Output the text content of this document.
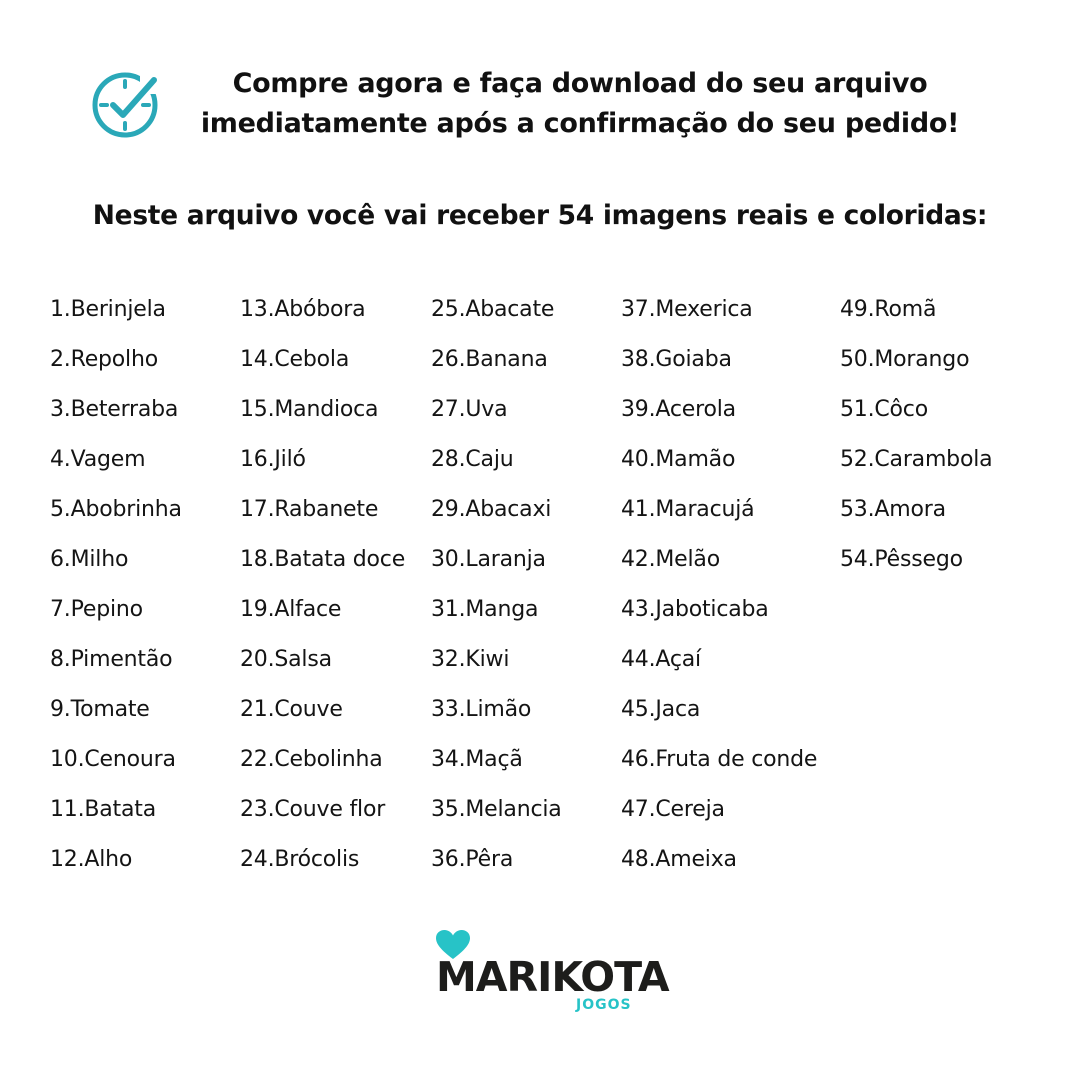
Compre agora e faça download do seu arquivo
imediatamente após a confirmação do seu pedido!
Neste arquivo você vai receber 54 imagens reais e coloridas:
1.Berinjela
2.Repolho
3.Beterraba
4.Vagem
5.Abobrinha
6.Milho
7.Pepino
8.Pimentão
9.Tomate
10.Cenoura
11.Batata
12.Alho
13.Abóbora
14.Cebola
15.Mandioca
16.Jiló
17.Rabanete
18.Batata doce
19.Alface
20.Salsa
21.Couve
22.Cebolinha
23.Couve flor
24.Brócolis
25.Abacate
26.Banana
27.Uva
28.Caju
29.Abacaxi
30.Laranja
31.Manga
32.Kiwi
33.Limão
34.Maçã
35.Melancia
36.Pêra
37.Mexerica
38.Goiaba
39.Acerola
40.Mamão
41.Maracujá
42.Melão
43.Jaboticaba
44.Açaí
45.Jaca
46.Fruta de conde
47.Cereja
48.Ameixa
49.Romã
50.Morango
51.Côco
52.Carambola
53.Amora
54.Pêssego
MARIKOTA
JOGOS
